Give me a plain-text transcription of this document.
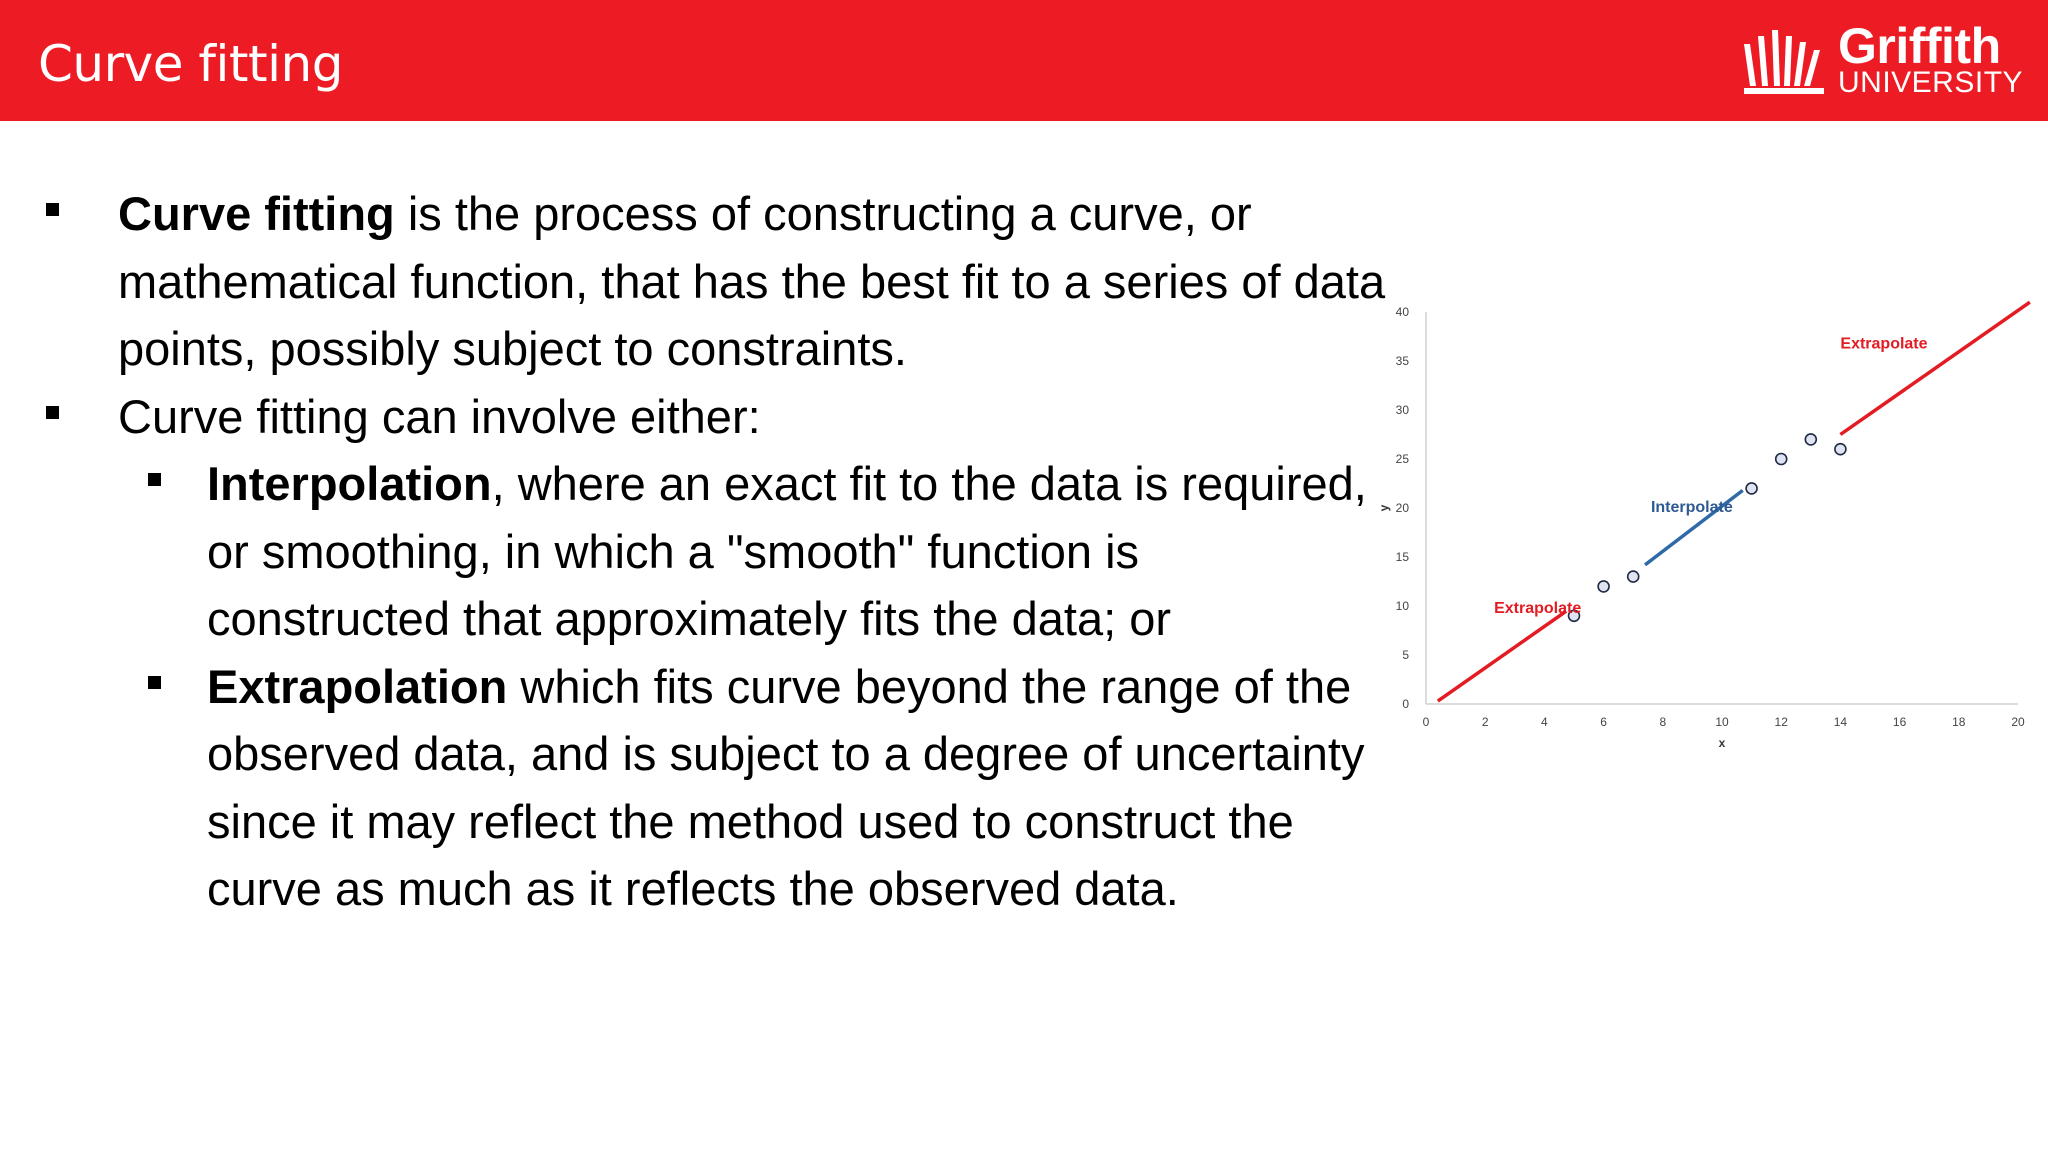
Curve fitting	Griffith
UNIVERSITY
Curve fitting is the process of constructing a curve, or mathematical function, that has the best fit to a series of data points, possibly subject to constraints.
Curve fitting can involve either:
Interpolation, where an exact fit to the data is required, or smoothing, in which a "smooth" function is constructed that approximately fits the data; or
Extrapolation which fits curve beyond the range of the observed data, and is subject to a degree of uncertainty since it may reflect the method used to construct the curve as much as it reflects the observed data.
0
5
10
15
20
25
30
35
40
0	2	4	6	8	10	12	14	16	18	20
x
y
Extrapolate
Interpolate
Extrapolate
